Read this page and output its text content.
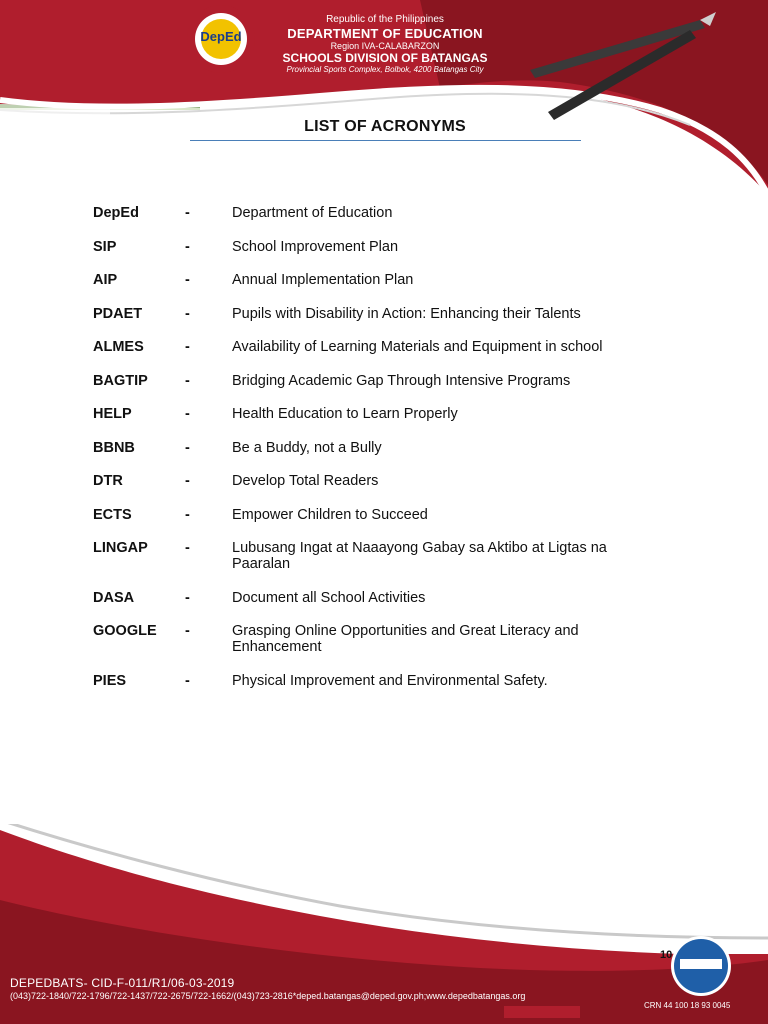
DepEd
Republic of the Philippines
DEPARTMENT OF EDUCATION
Region IVA-CALABARZON
SCHOOLS DIVISION OF BATANGAS
Provincial Sports Complex, Bolbok, 4200 Batangas City
LIST OF ACRONYMS
DepEd	-	Department of Education
SIP	-	School Improvement Plan
AIP	-	Annual Implementation Plan
PDAET	-	Pupils with Disability in Action: Enhancing their Talents
ALMES	-	Availability of Learning Materials and Equipment in school
BAGTIP	-	Bridging Academic Gap Through Intensive Programs
HELP	-	Health Education to Learn Properly
BBNB	-	Be a Buddy, not a Bully
DTR	-	Develop Total Readers
ECTS	-	Empower Children to Succeed
LINGAP	-	Lubusang Ingat at Naaayong Gabay sa Aktibo at Ligtas na Paaralan
DASA	-	Document all School Activities
GOOGLE	-	Grasping Online Opportunities and Great Literacy and Enhancement
PIES	-	Physical Improvement and Environmental Safety.
DEPEDBATS- CID-F-011/R1/06-03-2019
(043)722-1840/722-1796/722-1437/722-2675/722-1662/(043)723-2816*deped.batangas@deped.gov.ph;www.depedbatangas.org
10
CRN 44 100 18 93 0045
